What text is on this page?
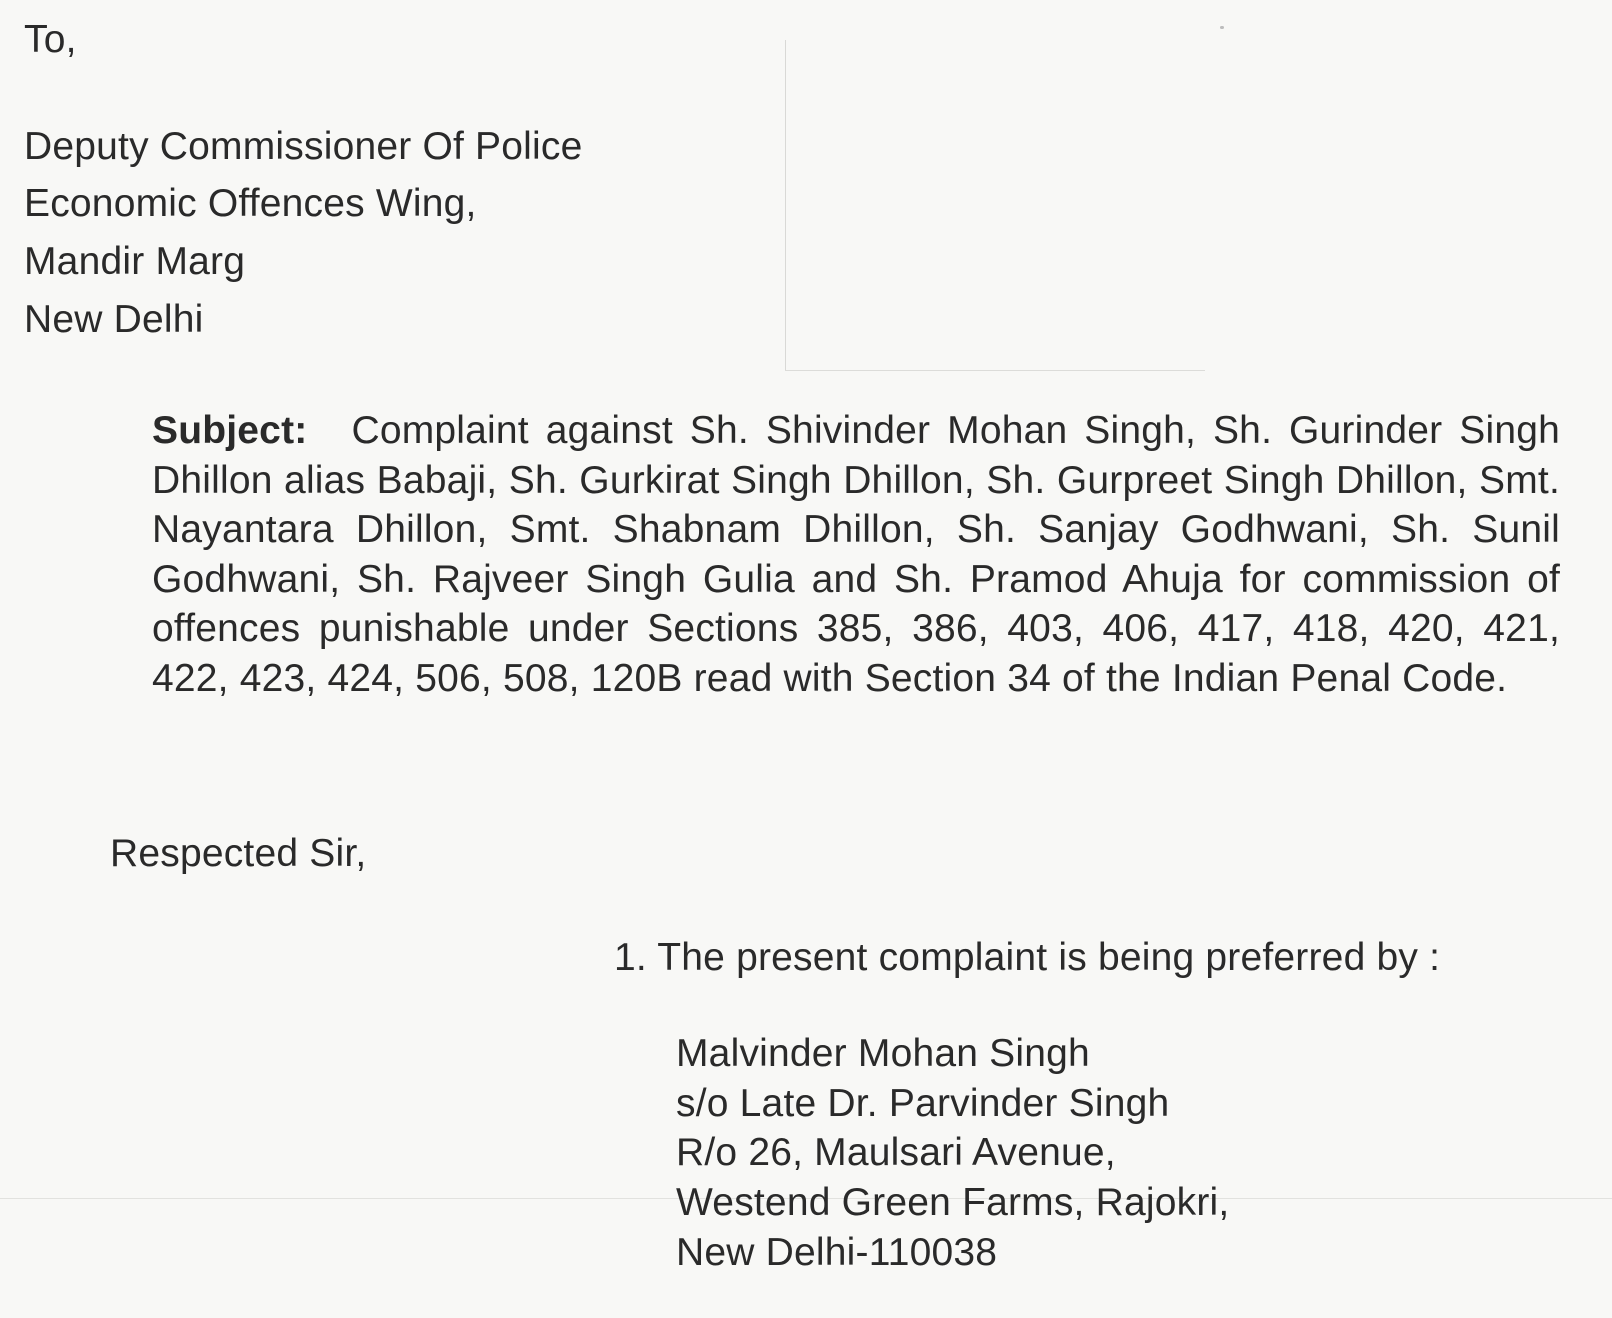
To,
Deputy Commissioner Of Police
Economic Offences Wing,
Mandir Marg
New Delhi
Subject: Complaint against Sh. Shivinder Mohan Singh, Sh. Gurinder Singh Dhillon alias Babaji, Sh. Gurkirat Singh Dhillon, Sh. Gurpreet Singh Dhillon, Smt. Nayantara Dhillon, Smt. Shabnam Dhillon, Sh. Sanjay Godhwani, Sh. Sunil Godhwani, Sh. Rajveer Singh Gulia and Sh. Pramod Ahuja for commission of offences punishable under Sections 385, 386, 403, 406, 417, 418, 420, 421, 422, 423, 424, 506, 508, 120B read with Section 34 of the Indian Penal Code.
Respected Sir,
1. The present complaint is being preferred by :
Malvinder Mohan Singh
s/o Late Dr. Parvinder Singh
R/o 26, Maulsari Avenue,
Westend Green Farms, Rajokri,
New Delhi-110038
